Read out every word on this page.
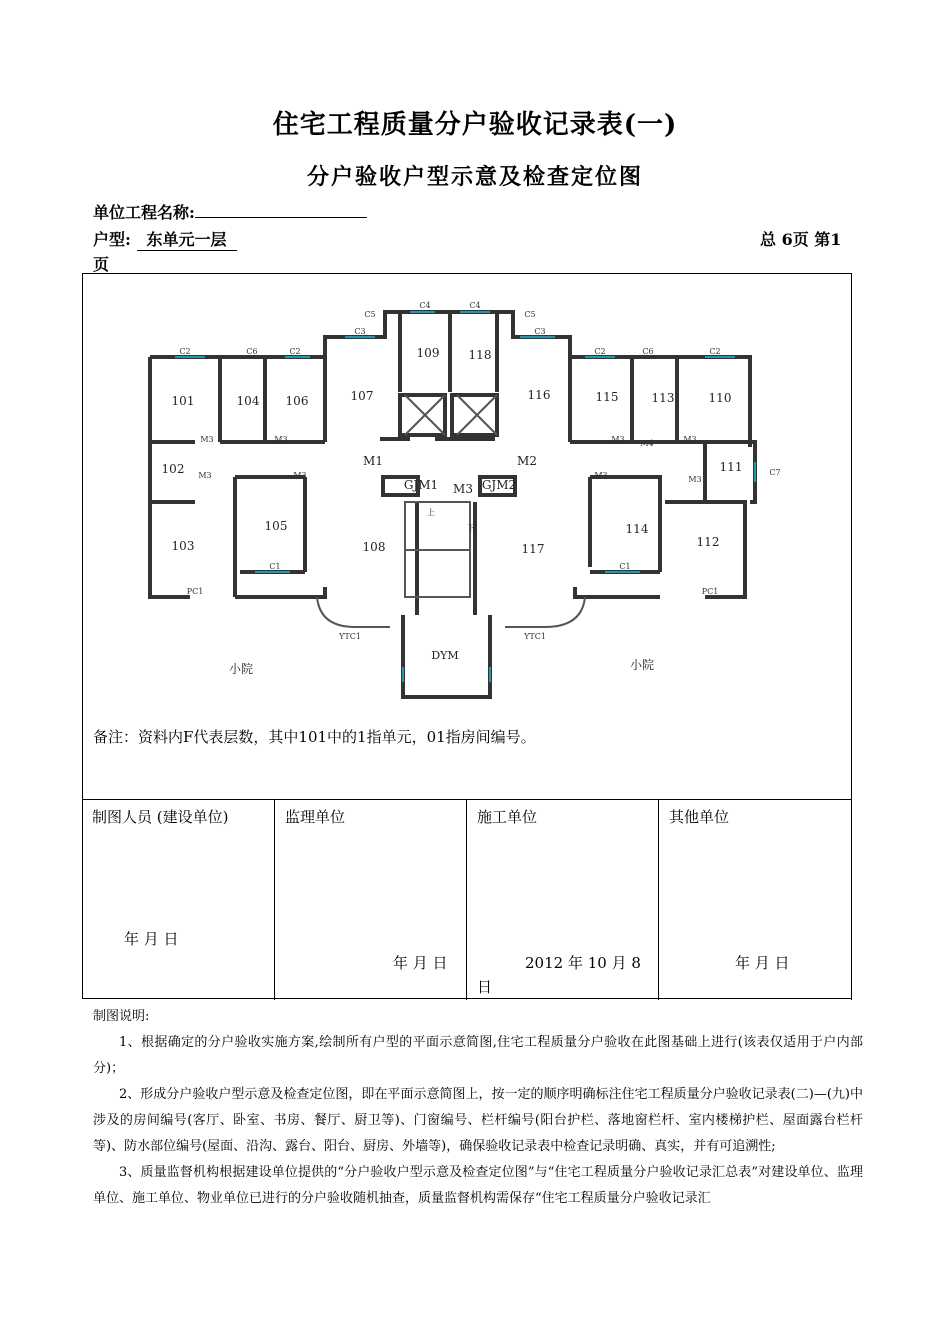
住宅工程质量分户验收记录表(一)
分户验收户型示意及检查定位图
单位工程名称:
户型: 东单元一层	总 6页 第1
页
101
102
103
104
105
106	107
108
109
110
111
112
113
114
115
116
117
118
C2	C6	C2
C3
C4	C4
C5	C5
C3
C2	C6	C2
C7
C1	C1
PC1	PC1
YTC1	YTC1
M3	M3
M3	M3
M3 M4	M3
M3	M3
M1	M2
M3
GJM1	GJM2
DYM
小院	小院
上
下
备注：资料内F代表层数，其中101中的1指单元，01指房间编号。
制图人员 (建设单位)
年 月 日
监理单位
年 月 日
施工单位
2012 年 10 月 8
日
其他单位
年 月 日

制图说明:

1、根据确定的分户验收实施方案,绘制所有户型的平面示意简图,住宅工程质量分户验收在此图基础上进行(该表仅适用于户内部分)；

2、形成分户验收户型示意及检查定位图，即在平面示意简图上，按一定的顺序明确标注住宅工程质量分户验收记录表(二)—(九)中涉及的房间编号(客厅、卧室、书房、餐厅、厨卫等)、门窗编号、栏杆编号(阳台护栏、落地窗栏杆、室内楼梯护栏、屋面露台栏杆等)、防水部位编号(屋面、沿沟、露台、阳台、厨房、外墙等)，确保验收记录表中检查记录明确、真实，并有可追溯性;

3、质量监督机构根据建设单位提供的“分户验收户型示意及检查定位图”与“住宅工程质量分户验收记录汇总表”对建设单位、监理单位、施工单位、物业单位已进行的分户验收随机抽查，质量监督机构需保存“住宅工程质量分户验收记录汇
